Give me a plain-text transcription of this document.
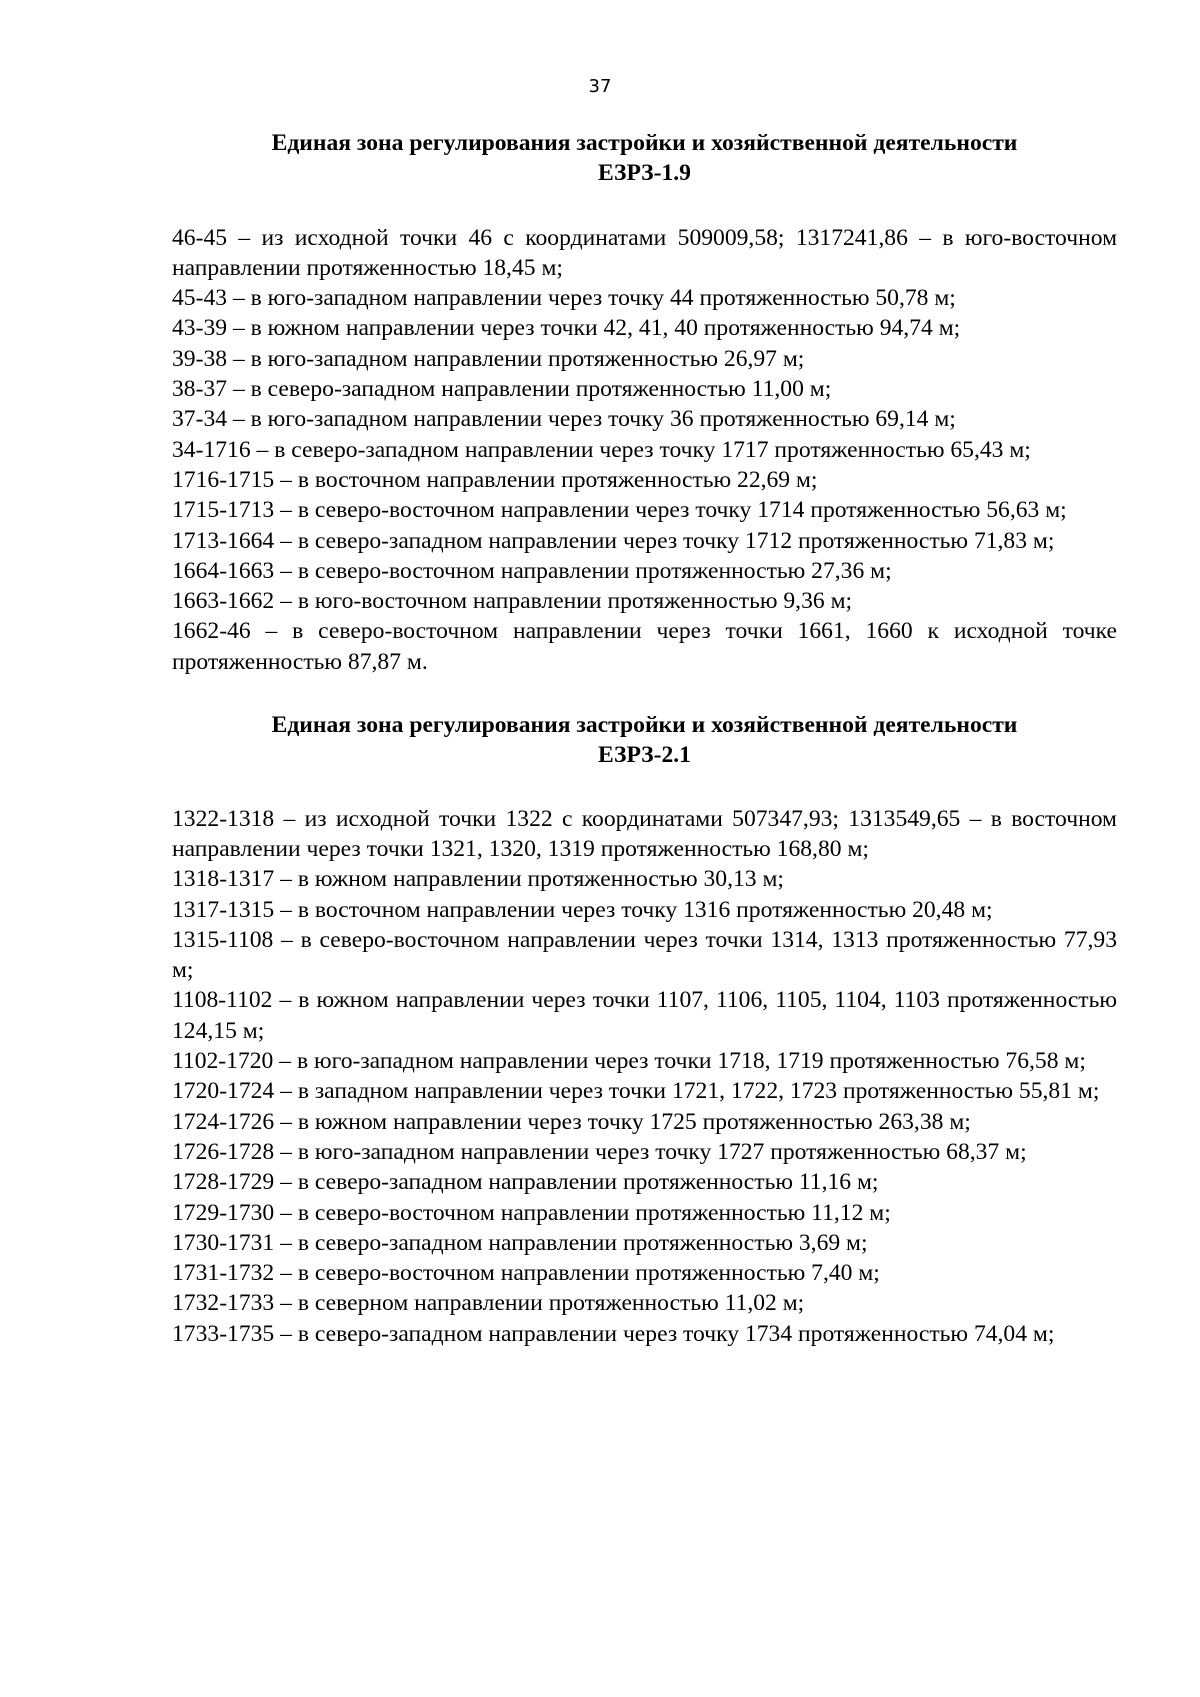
37
Единая зона регулирования застройки и хозяйственной деятельности
ЕЗРЗ-1.9

46-45 – из исходной точки 46 с координатами 509009,58; 1317241,86 – в юго-восточном направлении протяженностью 18,45 м;

45-43 – в юго-западном направлении через точку 44 протяженностью 50,78 м;

43-39 – в южном направлении через точки 42, 41, 40 протяженностью 94,74 м;

39-38 – в юго-западном направлении протяженностью 26,97 м;

38-37 – в северо-западном направлении протяженностью 11,00 м;

37-34 – в юго-западном направлении через точку 36 протяженностью 69,14 м;

34-1716 – в северо-западном направлении через точку 1717 протяженностью 65,43 м;

1716-1715 – в восточном направлении протяженностью 22,69 м;

1715-1713 – в северо-восточном направлении через точку 1714 протяженностью 56,63 м;

1713-1664 – в северо-западном направлении через точку 1712 протяженностью 71,83 м;

1664-1663 – в северо-восточном направлении протяженностью 27,36 м;

1663-1662 – в юго-восточном направлении протяженностью 9,36 м;

1662-46 – в северо-восточном направлении через точки 1661, 1660 к исходной точке протяженностью 87,87 м.

Единая зона регулирования застройки и хозяйственной деятельности
ЕЗРЗ-2.1

1322-1318 – из исходной точки 1322 с координатами 507347,93; 1313549,65 – в восточном направлении через точки 1321, 1320, 1319 протяженностью 168,80 м;

1318-1317 – в южном направлении протяженностью 30,13 м;

1317-1315 – в восточном направлении через точку 1316 протяженностью 20,48 м;

1315-1108 – в северо-восточном направлении через точки 1314, 1313 протяженностью 77,93 м;

1108-1102 – в южном направлении через точки 1107, 1106, 1105, 1104, 1103 протяженностью 124,15 м;

1102-1720 – в юго-западном направлении через точки 1718, 1719 протяженностью 76,58 м;

1720-1724 – в западном направлении через точки 1721, 1722, 1723 протяженностью 55,81 м;

1724-1726 – в южном направлении через точку 1725 протяженностью 263,38 м;

1726-1728 – в юго-западном направлении через точку 1727 протяженностью 68,37 м;

1728-1729 – в северо-западном направлении протяженностью 11,16 м;

1729-1730 – в северо-восточном направлении протяженностью 11,12 м;

1730-1731 – в северо-западном направлении протяженностью 3,69 м;

1731-1732 – в северо-восточном направлении протяженностью 7,40 м;

1732-1733 – в северном направлении протяженностью 11,02 м;

1733-1735 – в северо-западном направлении через точку 1734 протяженностью 74,04 м;
